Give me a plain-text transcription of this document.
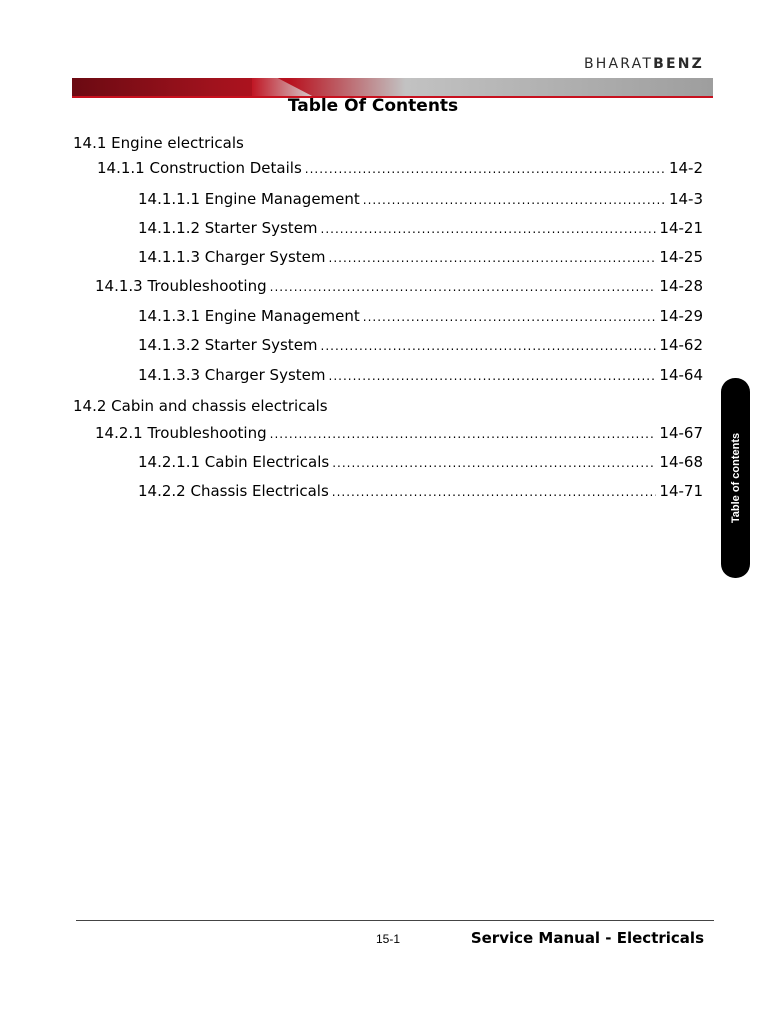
BHARATBENZ
Table Of Contents
14.1 Engine electricals
14.1.1 Construction Details .....	14-2
14.1.1.1 Engine Management .....	14-3
14.1.1.2 Starter System .....	14-21
14.1.1.3 Charger System .....	14-25
14.1.3 Troubleshooting .....	14-28
14.1.3.1 Engine Management .....	14-29
14.1.3.2 Starter System .....	14-62
14.1.3.3 Charger System .....	14-64
14.2 Cabin and chassis electricals
14.2.1 Troubleshooting .....	14-67
14.2.1.1 Cabin Electricals .....	14-68
14.2.2 Chassis Electricals .....	14-71 Table of contents
15-1	Service Manual - Electricals
